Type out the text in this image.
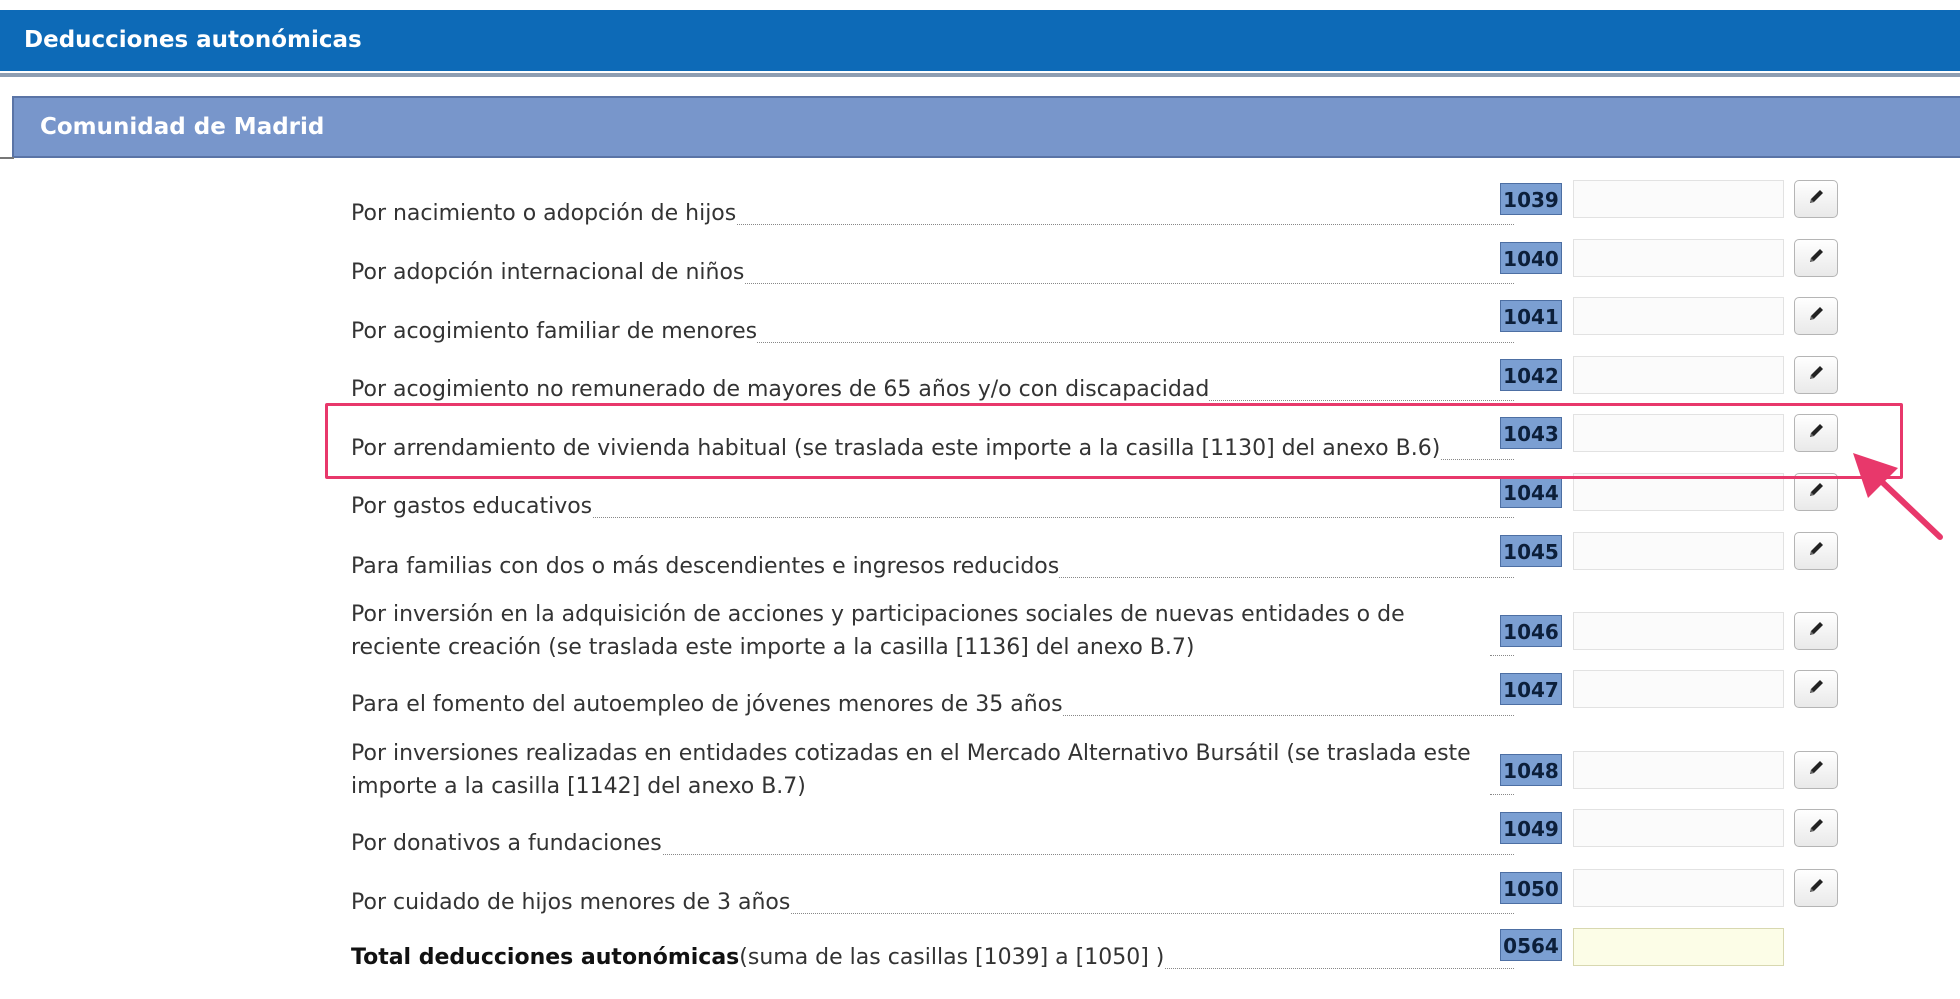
Deducciones autonómicas
Comunidad de Madrid
Por nacimiento o adopción de hijos
1039
Por adopción internacional de niños
1040
Por acogimiento familiar de menores
1041
Por acogimiento no remunerado de mayores de 65 años y/o con discapacidad
1042
Por arrendamiento de vivienda habitual (se traslada este importe a la casilla [1130] del anexo B.6)
1043
Por gastos educativos
1044
Para familias con dos o más descendientes e ingresos reducidos
1045
Por inversión en la adquisición de acciones y participaciones sociales de nuevas entidades o de reciente creación (se traslada este importe a la casilla [1136] del anexo B.7)
1046
Para el fomento del autoempleo de jóvenes menores de 35 años
1047
Por inversiones realizadas en entidades cotizadas en el Mercado Alternativo Bursátil (se traslada este importe a la casilla [1142] del anexo B.7)
1048
Por donativos a fundaciones
1049
Por cuidado de hijos menores de 3 años
1050
Total deducciones autonómicas(suma de las casillas [1039] a [1050] )	0564
